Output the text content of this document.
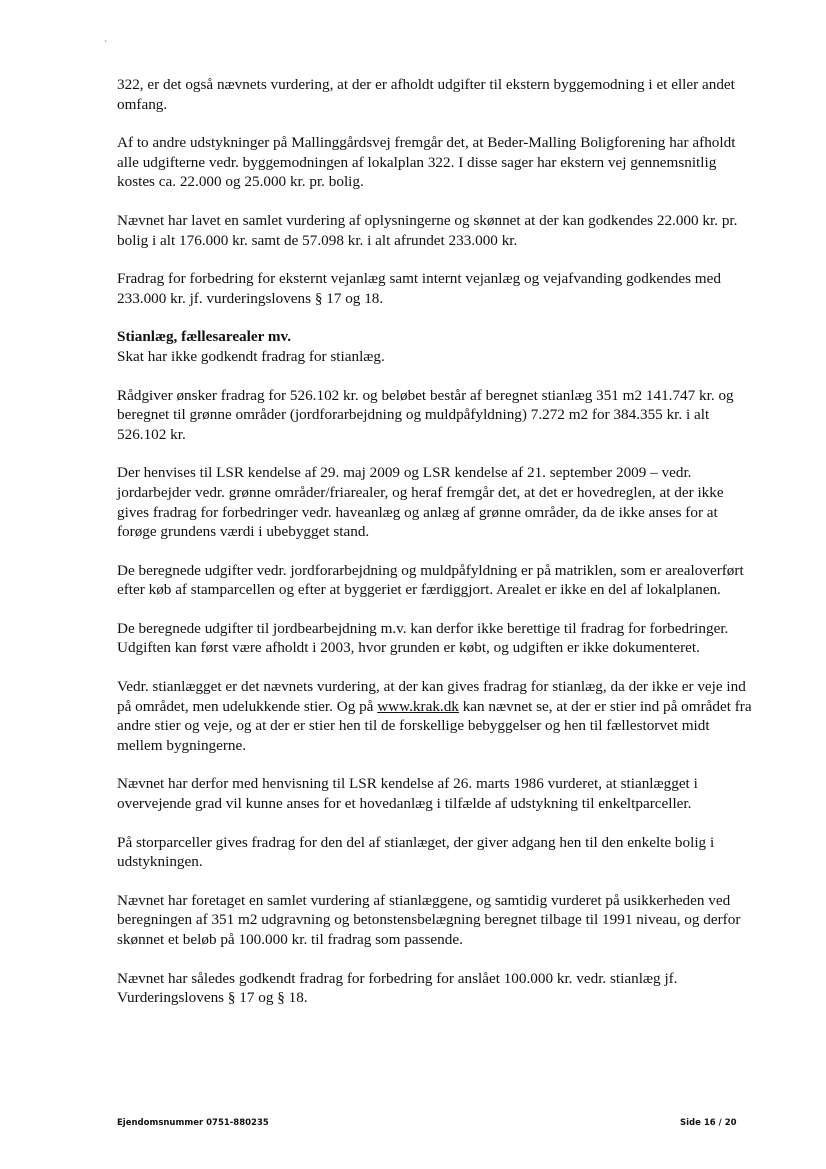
`

322, er det også nævnets vurdering, at der er afholdt udgifter til ekstern byggemodning i et eller andet omfang.

Af to andre udstykninger på Mallinggårdsvej fremgår det, at Beder-Malling Boligforening har afholdt alle udgifterne vedr. byggemodningen af lokalplan 322. I disse sager har ekstern vej gennemsnitlig kostes ca. 22.000 og 25.000 kr. pr. bolig.

Nævnet har lavet en samlet vurdering af oplysningerne og skønnet at der kan godkendes 22.000 kr. pr. bolig i alt 176.000 kr. samt de 57.098 kr. i alt afrundet 233.000 kr.

Fradrag for forbedring for eksternt vejanlæg samt internt vejanlæg og vejafvanding godkendes med 233.000 kr. jf. vurderingslovens § 17 og 18.

Stianlæg, fællesarealer mv.

Skat har ikke godkendt fradrag for stianlæg.

Rådgiver ønsker fradrag for 526.102 kr. og beløbet består af beregnet stianlæg 351 m2 141.747 kr. og beregnet til grønne områder (jordforarbejdning og muldpåfyldning) 7.272 m2 for 384.355 kr. i alt 526.102 kr.

Der henvises til LSR kendelse af 29. maj 2009 og LSR kendelse af 21. september 2009 – vedr. jordarbejder vedr. grønne områder/friarealer, og heraf fremgår det, at det er hovedreglen, at der ikke gives fradrag for forbedringer vedr. haveanlæg og anlæg af grønne områder, da de ikke anses for at forøge grundens værdi i ubebygget stand.

De beregnede udgifter vedr. jordforarbejdning og muldpåfyldning er på matriklen, som er arealoverført efter køb af stamparcellen og efter at byggeriet er færdiggjort. Arealet er ikke en del af lokalplanen.

De beregnede udgifter til jordbearbejdning m.v. kan derfor ikke berettige til fradrag for forbedringer. Udgiften kan først være afholdt i 2003, hvor grunden er købt, og udgiften er ikke dokumenteret.

Vedr. stianlægget er det nævnets vurdering, at der kan gives fradrag for stianlæg, da der ikke er veje ind på området, men udelukkende stier. Og på www.krak.dk kan nævnet se, at der er stier ind på området fra andre stier og veje, og at der er stier hen til de forskellige bebyggelser og hen til fællestorvet midt mellem bygningerne.

Nævnet har derfor med henvisning til LSR kendelse af 26. marts 1986 vurderet, at stianlægget i overvejende grad vil kunne anses for et hovedanlæg i tilfælde af udstykning til enkeltparceller.

På storparceller gives fradrag for den del af stianlæget, der giver adgang hen til den enkelte bolig i udstykningen.

Nævnet har foretaget en samlet vurdering af stianlæggene, og samtidig vurderet på usikkerheden ved beregningen af 351 m2 udgravning og betonstensbelægning beregnet tilbage til 1991 niveau, og derfor skønnet et beløb på 100.000 kr. til fradrag som passende.

Nævnet har således godkendt fradrag for forbedring for anslået 100.000 kr. vedr. stianlæg jf. Vurderingslovens § 17 og § 18.

Ejendomsnummer 0751-880235	Side 16 / 20
